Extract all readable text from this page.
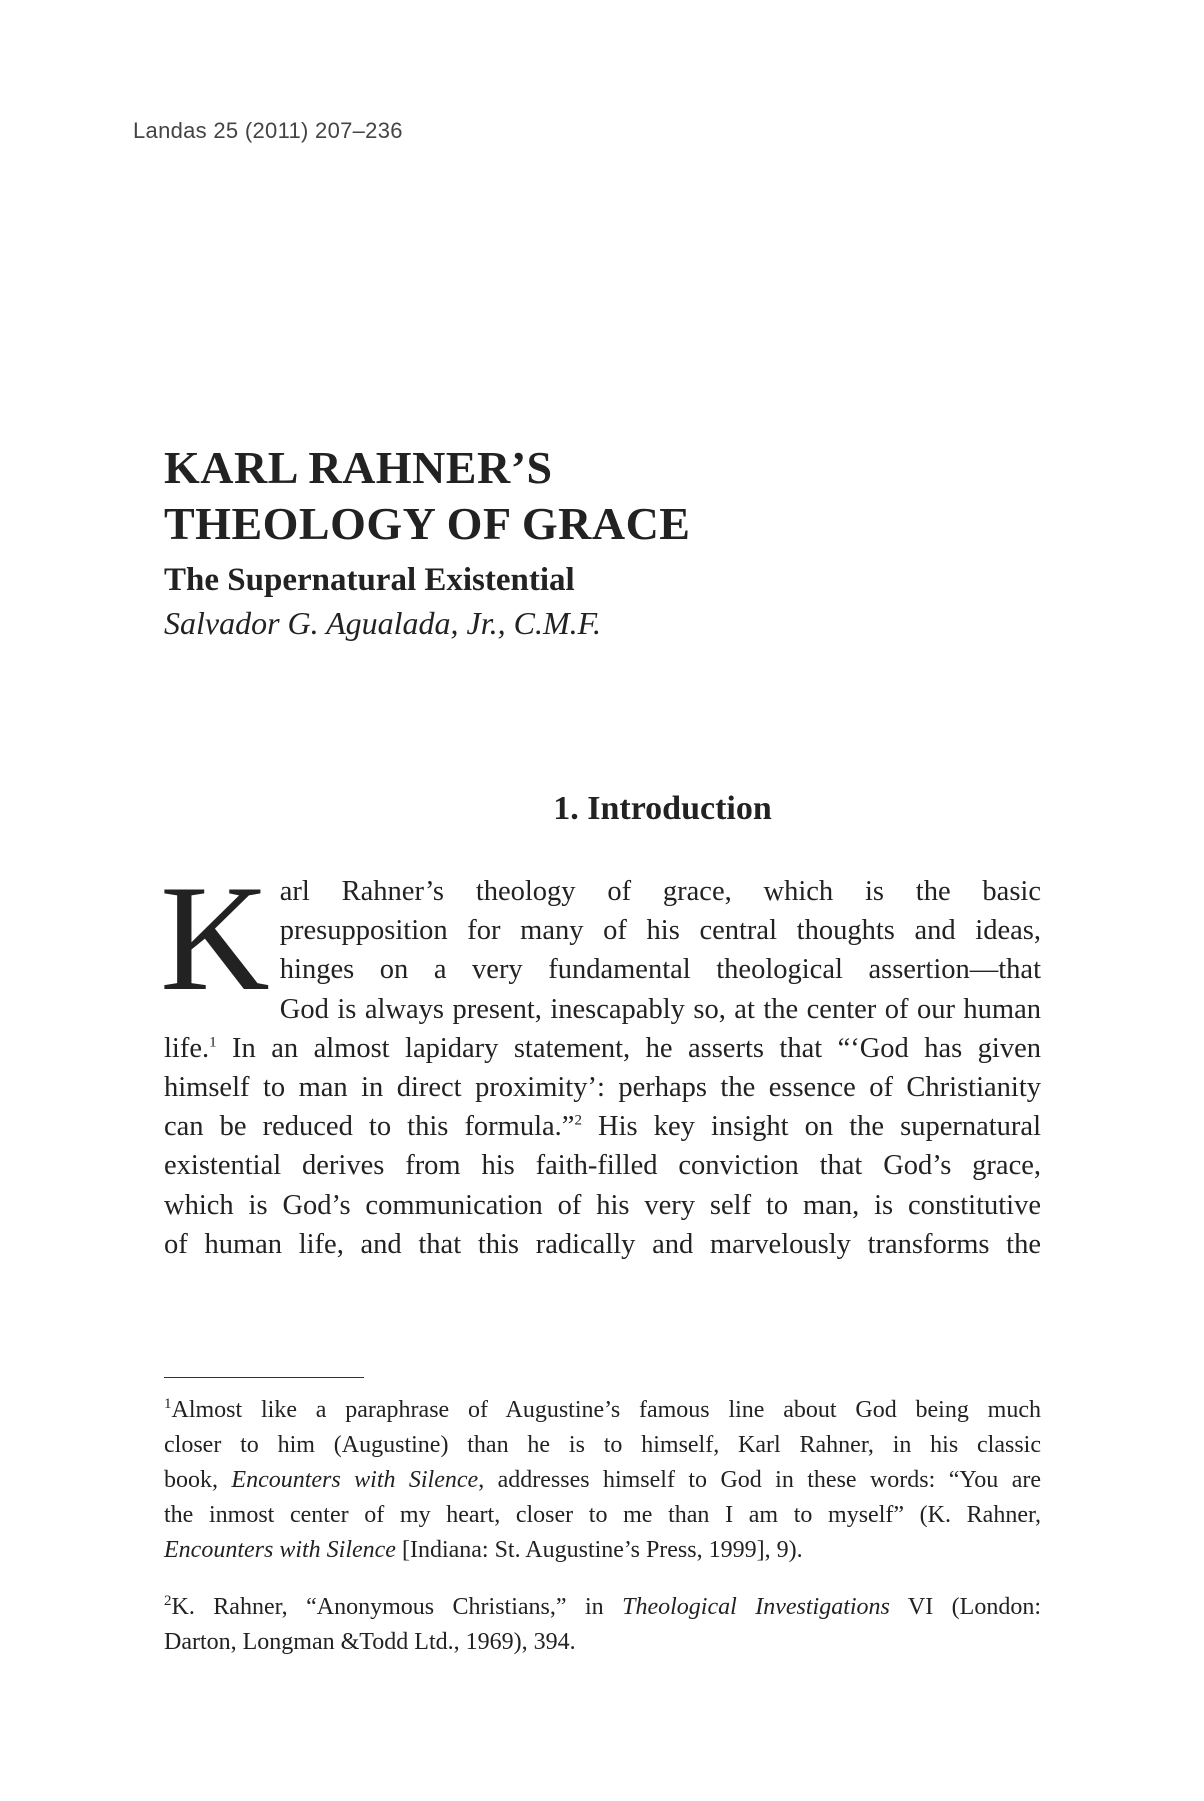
Landas 25 (2011) 207–236
KARL RAHNER’S
THEOLOGY OF GRACE
The Supernatural Existential
Salvador G. Agualada, Jr., C.M.F.
1. Introduction
K arl Rahner’s theology of grace, which is the basic
presupposition for many of his central thoughts and ideas,
hinges on a very fundamental theological assertion—that
God is always present, inescapably so, at the center of our human
life.$^1$ In an almost lapidary statement, he asserts that “‘God has given
himself to man in direct proximity’: perhaps the essence of Christianity
can be reduced to this formula.”$^2$ His key insight on the supernatural
existential derives from his faith-filled conviction that God’s grace,
which is God’s communication of his very self to man, is constitutive
of human life, and that this radically and marvelously transforms the
$^1$Almost like a paraphrase of Augustine’s famous line about God being much
closer to him (Augustine) than he is to himself, Karl Rahner, in his classic
book, Encounters with Silence, addresses himself to God in these words: “You are
the inmost center of my heart, closer to me than I am to myself” (K. Rahner,
Encounters with Silence [Indiana: St. Augustine’s Press, 1999], 9).
$^2$K. Rahner, “Anonymous Christians,” in Theological Investigations VI (London:
Darton, Longman &Todd Ltd., 1969), 394.
